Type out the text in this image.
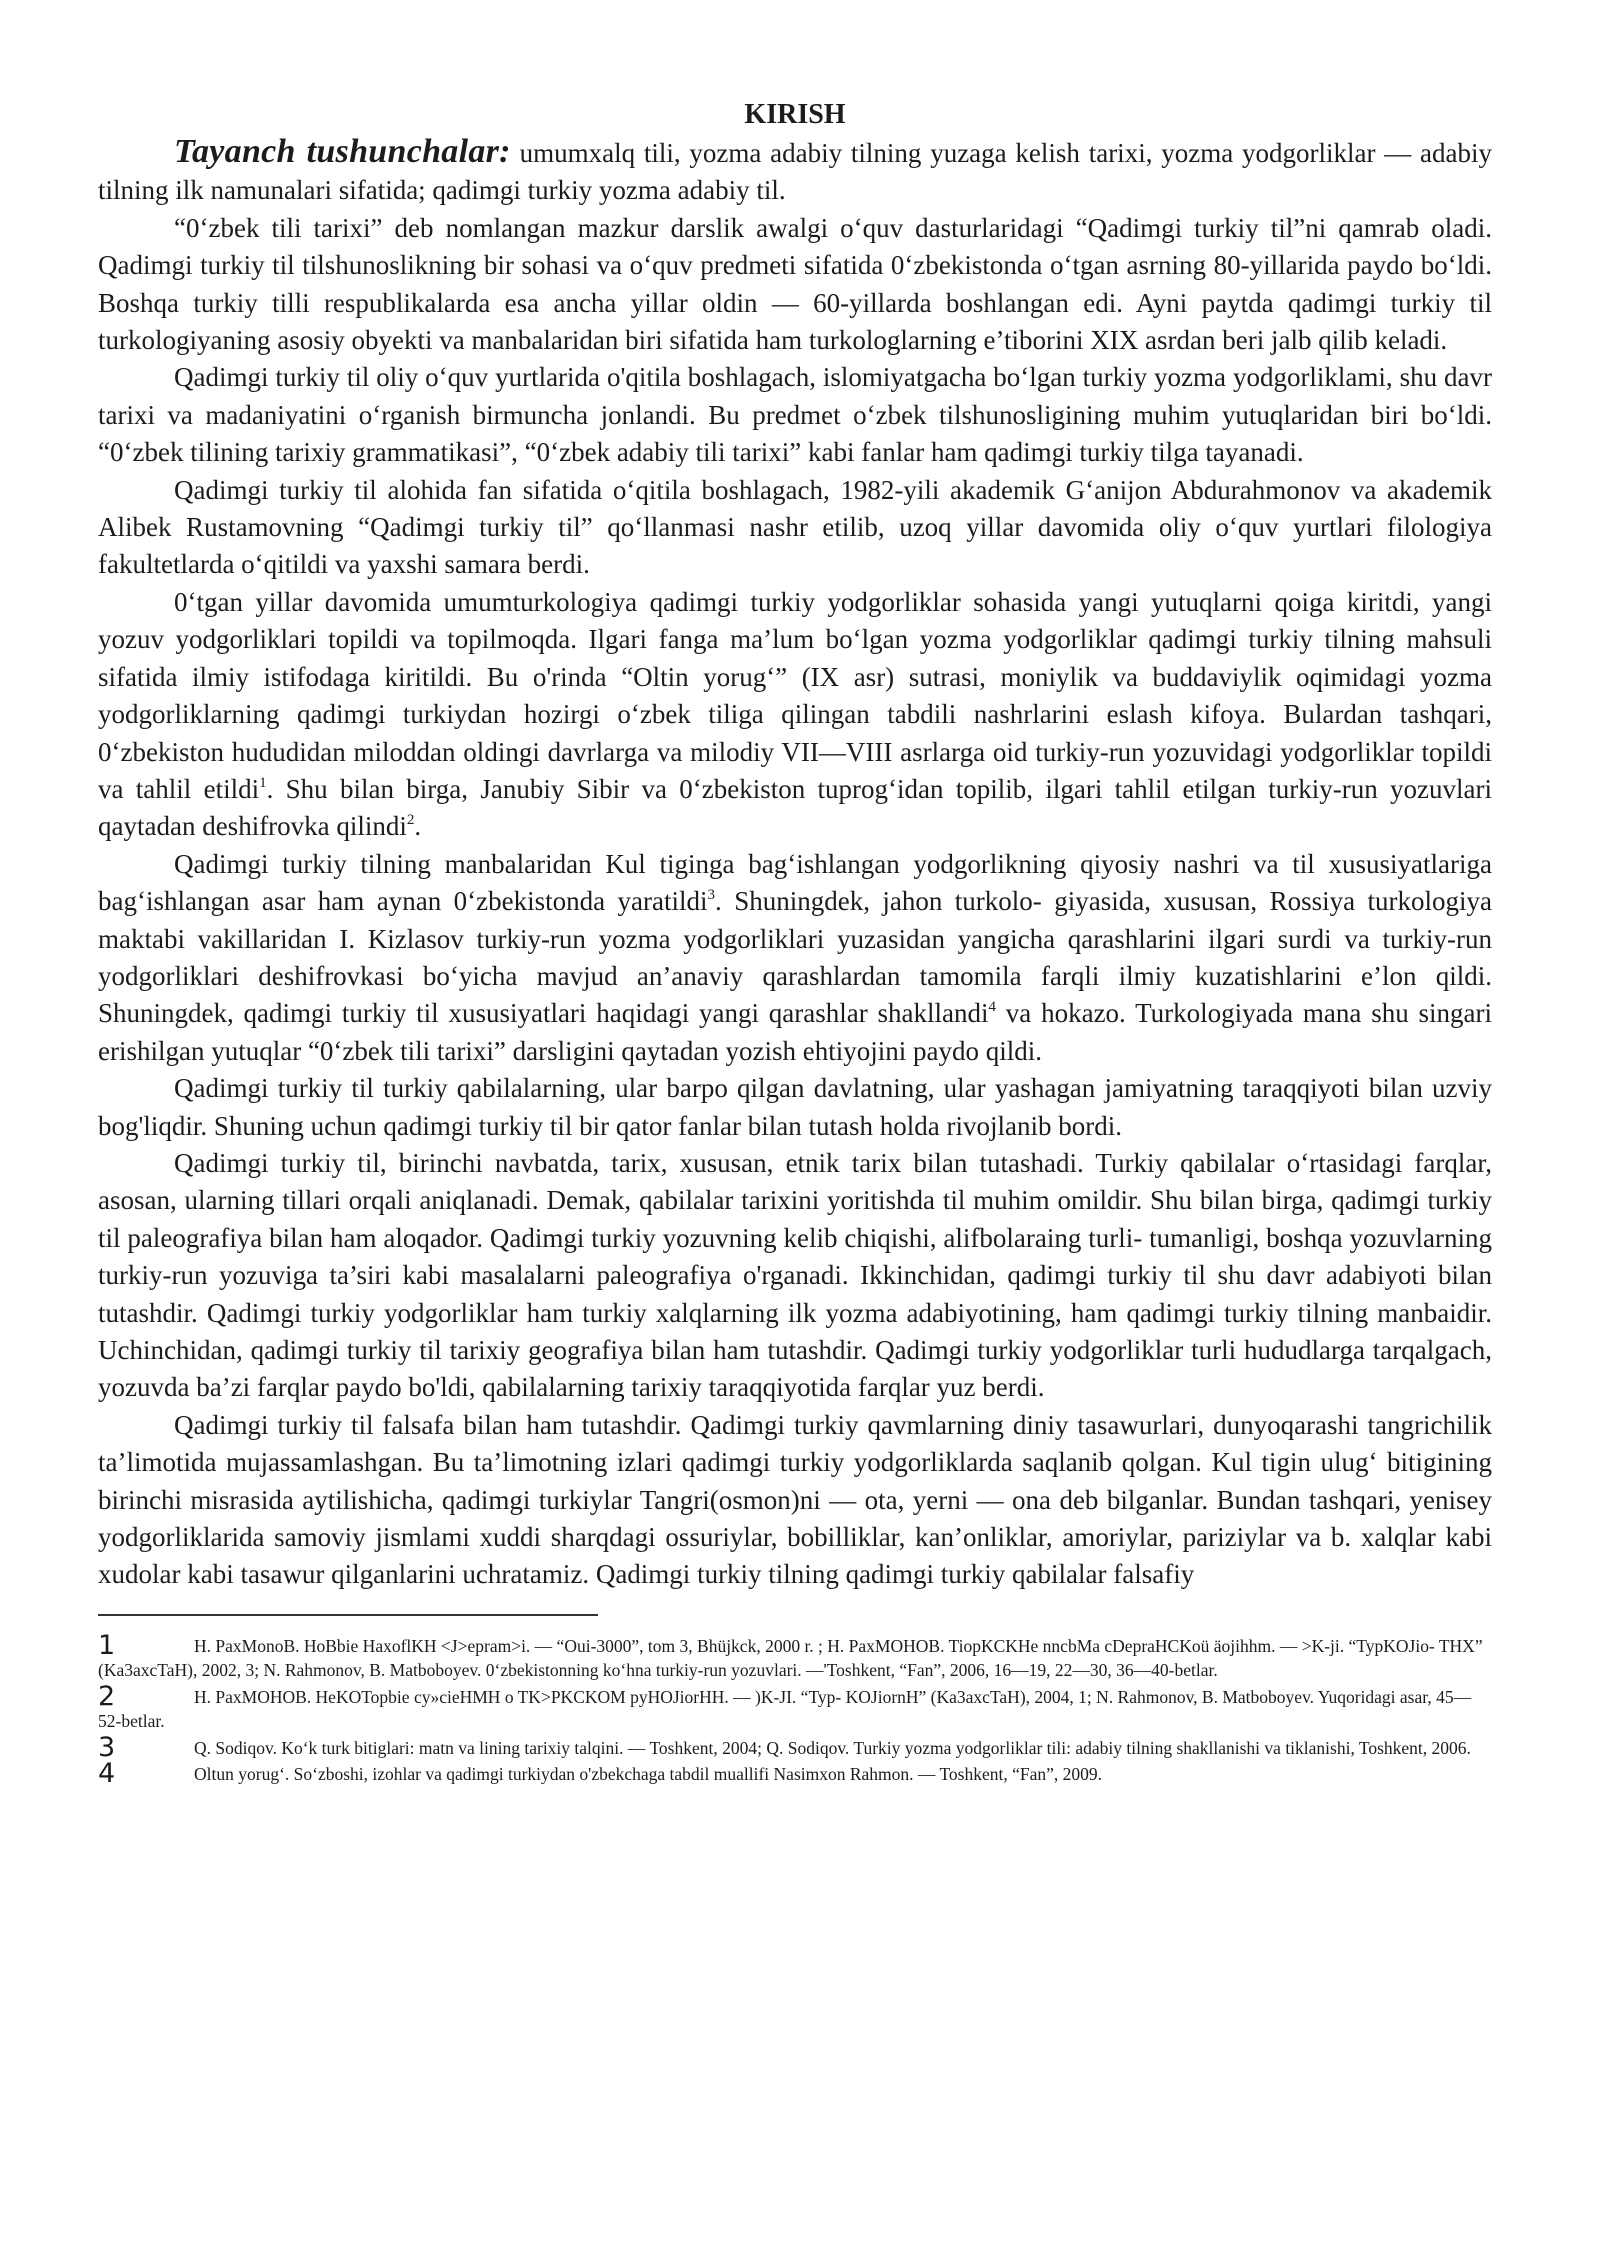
KIRISH

Tayanch tushunchalar: umumxalq tili, yozma adabiy tilning yuzaga kelish tarixi, yozma yodgorliklar — adabiy tilning ilk namunalari sifatida; qadimgi turkiy yozma adabiy til.

“0‘zbek tili tarixi” deb nomlangan mazkur darslik awalgi o‘quv dasturlaridagi “Qadimgi turkiy til”ni qamrab oladi. Qadimgi turkiy til tilshunoslikning bir sohasi va o‘quv predmeti sifatida 0‘zbekistonda o‘tgan asrning 80-yillarida paydo bo‘ldi. Boshqa turkiy tilli respublikalarda esa ancha yillar oldin — 60-yillarda boshlangan edi. Ayni paytda qadimgi turkiy til turkologiyaning asosiy obyekti va manbalaridan biri sifatida ham turkologlarning e’tiborini XIX asrdan beri jalb qilib keladi.

Qadimgi turkiy til oliy o‘quv yurtlarida o'qitila boshlagach, islomiyatgacha bo‘lgan turkiy yozma yodgorliklami, shu davr tarixi va madaniyatini o‘rganish birmuncha jonlandi. Bu predmet o‘zbek tilshunosligining muhim yutuqlaridan biri bo‘ldi. “0‘zbek tilining tarixiy grammatikasi”, “0‘zbek adabiy tili tarixi” kabi fanlar ham qadimgi turkiy tilga tayanadi.

Qadimgi turkiy til alohida fan sifatida o‘qitila boshlagach, 1982-yili akademik G‘anijon Abdurahmonov va akademik Alibek Rustamovning “Qadimgi turkiy til” qo‘llanmasi nashr etilib, uzoq yillar davomida oliy o‘quv yurtlari filologiya fakultetlarda o‘qitildi va yaxshi samara berdi.

0‘tgan yillar davomida umumturkologiya qadimgi turkiy yodgorliklar sohasida yangi yutuqlarni qoiga kiritdi, yangi yozuv yodgorliklari topildi va topilmoqda. Ilgari fanga ma’lum bo‘lgan yozma yodgorliklar qadimgi turkiy tilning mahsuli sifatida ilmiy istifodaga kiritildi. Bu o'rinda “Oltin yorug‘” (IX asr) sutrasi, moniylik va buddaviylik oqimidagi yozma yodgorliklarning qadimgi turkiydan hozirgi o‘zbek tiliga qilingan tabdili nashrlarini eslash kifoya. Bulardan tashqari, 0‘zbekiston hududidan miloddan oldingi davrlarga va milodiy VII—VIII asrlarga oid turkiy-run yozuvidagi yodgorliklar topildi va tahlil etildi$^1$. Shu bilan birga, Janubiy Sibir va 0‘zbekiston tuprog‘idan topilib, ilgari tahlil etilgan turkiy-run yozuvlari qaytadan deshifrovka qilindi$^2$.

Qadimgi turkiy tilning manbalaridan Kul tiginga bag‘ishlangan yodgorlikning qiyosiy nashri va til xususiyatlariga bag‘ishlangan asar ham aynan 0‘zbekistonda yaratildi$^3$. Shuningdek, jahon turkolo- giyasida, xususan, Rossiya turkologiya maktabi vakillaridan I. Kizlasov turkiy-run yozma yodgorliklari yuzasidan yangicha qarashlarini ilgari surdi va turkiy-run yodgorliklari deshifrovkasi bo‘yicha mavjud an’anaviy qarashlardan tamomila farqli ilmiy kuzatishlarini e’lon qildi. Shuningdek, qadimgi turkiy til xususiyatlari haqidagi yangi qarashlar shakllandi$^4$ va hokazo. Turkologiyada mana shu singari erishilgan yutuqlar “0‘zbek tili tarixi” darsligini qaytadan yozish ehtiyojini paydo qildi.

Qadimgi turkiy til turkiy qabilalarning, ular barpo qilgan davlatning, ular yashagan jamiyatning taraqqiyoti bilan uzviy bog'liqdir. Shuning uchun qadimgi turkiy til bir qator fanlar bilan tutash holda rivojlanib bordi.

Qadimgi turkiy til, birinchi navbatda, tarix, xususan, etnik tarix bilan tutashadi. Turkiy qabilalar o‘rtasidagi farqlar, asosan, ularning tillari orqali aniqlanadi. Demak, qabilalar tarixini yoritishda til muhim omildir. Shu bilan birga, qadimgi turkiy til paleografiya bilan ham aloqador. Qadimgi turkiy yozuvning kelib chiqishi, alifbolaraing turli- tumanligi, boshqa yozuvlarning turkiy-run yozuviga ta’siri kabi masalalarni paleografiya o'rganadi. Ikkinchidan, qadimgi turkiy til shu davr adabiyoti bilan tutashdir. Qadimgi turkiy yodgorliklar ham turkiy xalqlarning ilk yozma adabiyotining, ham qadimgi turkiy tilning manbaidir. Uchinchidan, qadimgi turkiy til tarixiy geografiya bilan ham tutashdir. Qadimgi turkiy yodgorliklar turli hududlarga tarqalgach, yozuvda ba’zi farqlar paydo bo'ldi, qabilalarning tarixiy taraqqiyotida farqlar yuz berdi.

Qadimgi turkiy til falsafa bilan ham tutashdir. Qadimgi turkiy qavmlarning diniy tasawurlari, dunyoqarashi tangrichilik ta’limotida mujassamlashgan. Bu ta’limotning izlari qadimgi turkiy yodgorliklarda saqlanib qolgan. Kul tigin ulug‘ bitigining birinchi misrasida aytilishicha, qadimgi turkiylar Tangri(osmon)ni — ota, yerni — ona deb bilganlar. Bundan tashqari, yenisey yodgorliklarida samoviy jismlami xuddi sharqdagi ossuriylar, bobilliklar, kan’onliklar, amoriylar, pariziylar va b. xalqlar kabi xudolar kabi tasawur qilganlarini uchratamiz. Qadimgi turkiy tilning qadimgi turkiy qabilalar falsafiy

1	H. PaxMonoB. HoBbie HaxoflKH <J>epram>i. — “Oui-3000”, tom 3, Bhüjkck, 2000 r. ; H. PaxMOHOB. TiopKCKHe nncbMa cDepraHCKoü äojihhm. — >K-ji. “TypKOJio- THX” (Ka3axcTaH), 2002, 3; N. Rahmonov, B. Matboboyev. 0‘zbekistonning ko‘hna turkiy-run yozuvlari. —'Toshkent, “Fan”, 2006, 16—19, 22—30, 36—40-betlar.

2	H. PaxMOHOB. HeKOTopbie cy»cieHMH o TK>PKCKOM pyHOJiorHH. — )K-JI. “Typ- KOJiornH” (Ka3axcTaH), 2004, 1; N. Rahmonov, B. Matboboyev. Yuqoridagi asar, 45—52-betlar.

3	Q. Sodiqov. Ko‘k turk bitiglari: matn va lining tarixiy talqini. — Toshkent, 2004; Q. Sodiqov. Turkiy yozma yodgorliklar tili: adabiy tilning shakllanishi va tiklanishi, Toshkent, 2006.

4	Oltun yorug‘. So‘zboshi, izohlar va qadimgi turkiydan o'zbekchaga tabdil muallifi Nasimxon Rahmon. — Toshkent, “Fan”, 2009.
